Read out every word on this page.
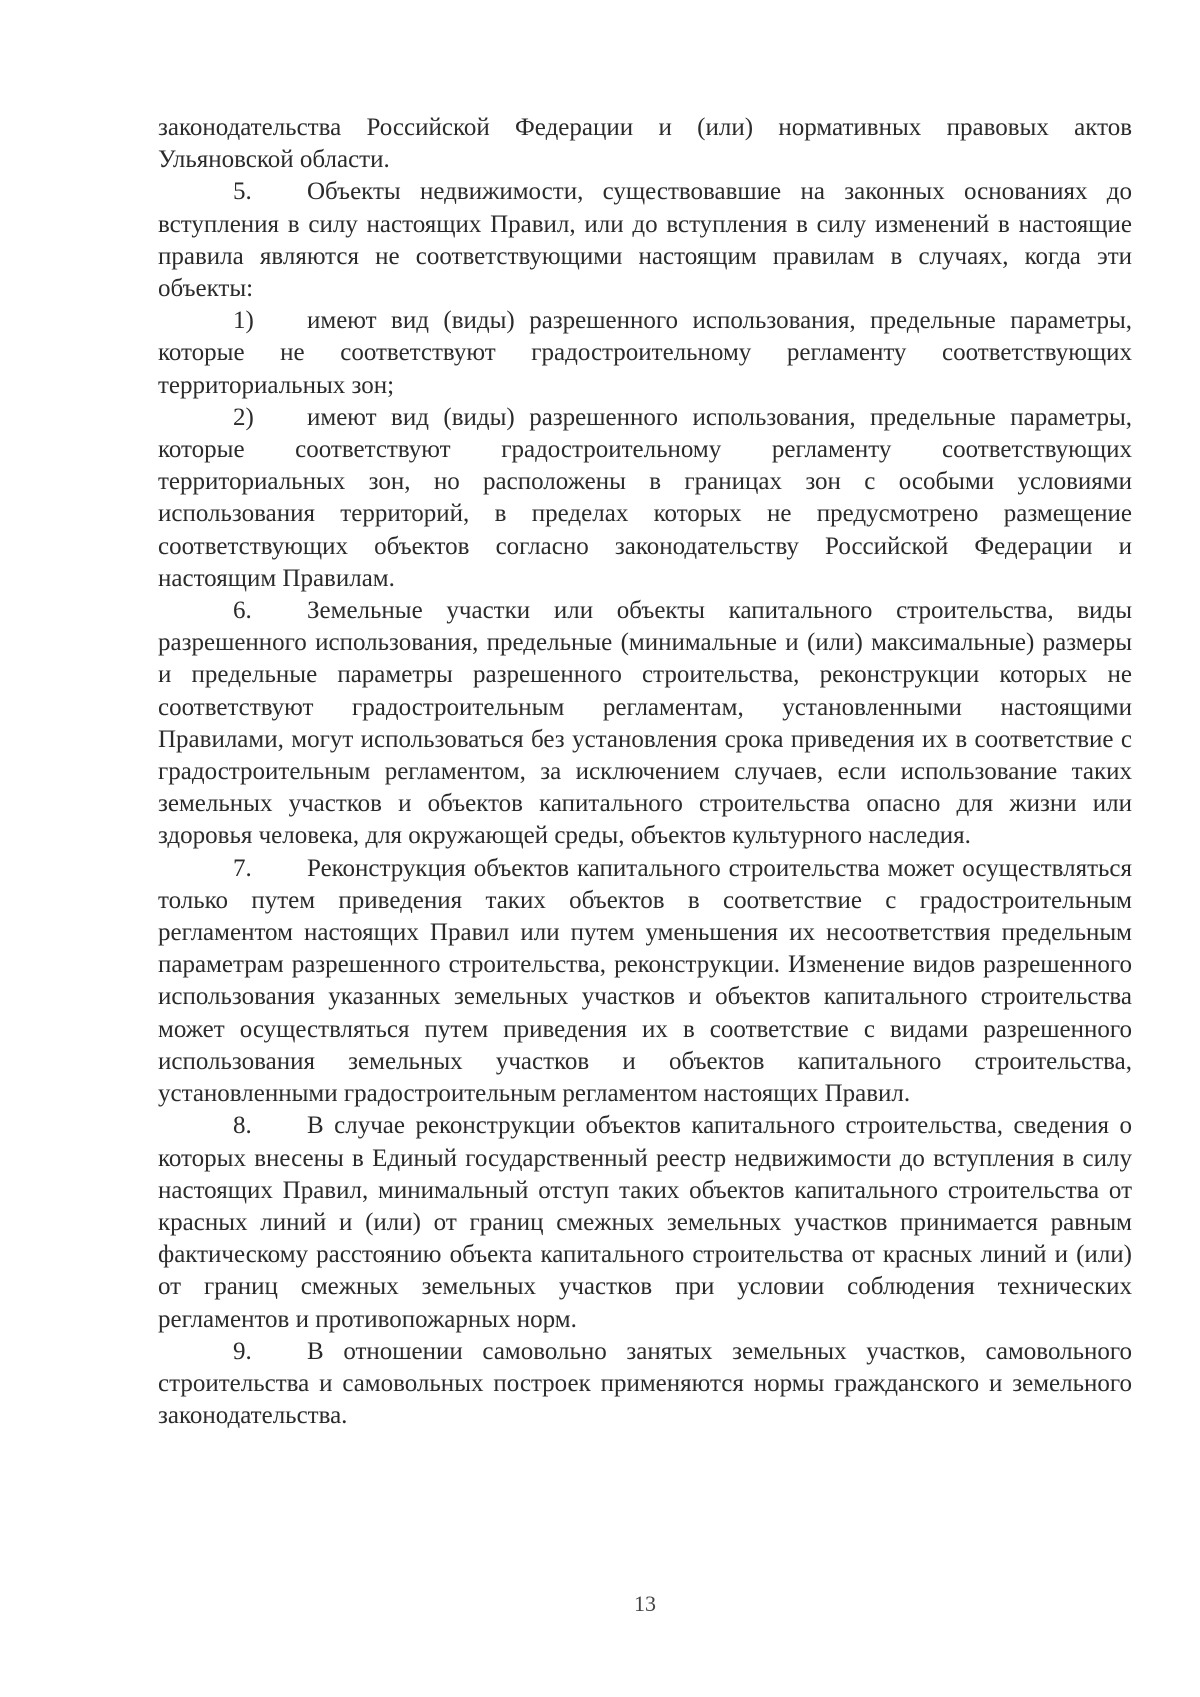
законодательства Российской Федерации и (или) нормативных правовых актов Ульяновской области.

5. Объекты недвижимости, существовавшие на законных основаниях до вступления в силу настоящих Правил, или до вступления в силу изменений в настоящие правила являются не соответствующими настоящим правилам в случаях, когда эти объекты:

1) имеют вид (виды) разрешенного использования, предельные параметры, которые не соответствуют градостроительному регламенту соответствующих территориальных зон;

2) имеют вид (виды) разрешенного использования, предельные параметры, которые соответствуют градостроительному регламенту соответствующих территориальных зон, но расположены в границах зон с особыми условиями использования территорий, в пределах которых не предусмотрено размещение соответствующих объектов согласно законодательству Российской Федерации и настоящим Правилам.

6. Земельные участки или объекты капитального строительства, виды разрешенного использования, предельные (минимальные и (или) максимальные) размеры и предельные параметры разрешенного строительства, реконструкции которых не соответствуют градостроительным регламентам, установленными настоящими Правилами, могут использоваться без установления срока приведения их в соответствие с градостроительным регламентом, за исключением случаев, если использование таких земельных участков и объектов капитального строительства опасно для жизни или здоровья человека, для окружающей среды, объектов культурного наследия.

7. Реконструкция объектов капитального строительства может осуществляться только путем приведения таких объектов в соответствие с градостроительным регламентом настоящих Правил или путем уменьшения их несоответствия предельным параметрам разрешенного строительства, реконструкции. Изменение видов разрешенного использования указанных земельных участков и объектов капитального строительства может осуществляться путем приведения их в соответствие с видами разрешенного использования земельных участков и объектов капитального строительства, установленными градостроительным регламентом настоящих Правил.

8. В случае реконструкции объектов капитального строительства, сведения о которых внесены в Единый государственный реестр недвижимости до вступления в силу настоящих Правил, минимальный отступ таких объектов капитального строительства от красных линий и (или) от границ смежных земельных участков принимается равным фактическому расстоянию объекта капитального строительства от красных линий и (или) от границ смежных земельных участков при условии соблюдения технических регламентов и противопожарных норм.

9. В отношении самовольно занятых земельных участков, самовольного строительства и самовольных построек применяются нормы гражданского и земельного законодательства.

13
